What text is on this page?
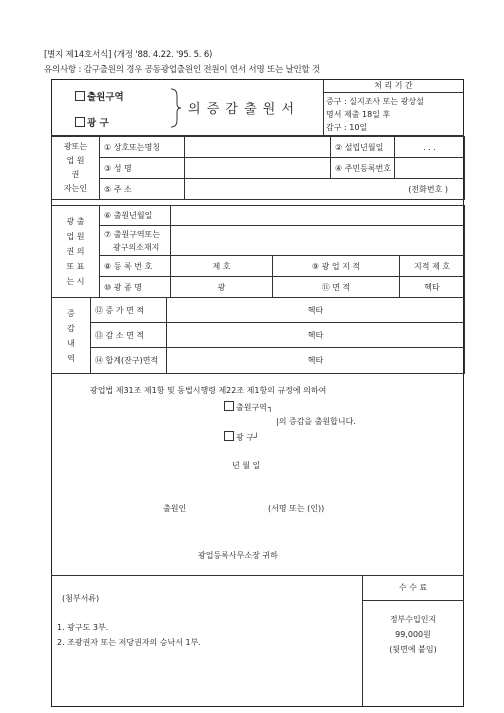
[별지 제14호서식] (개정 '88. 4.22. '95. 5. 6)
유의사항 : 감구출원의 경우 공동광업출원인 전원이 연서 서명 또는 날인할 것
출원구역
광 구
의 증 감 출 원 서
처 리 기 간
증구 : 실지조사 또는 광상설
명서 제출 18일 후
감구 : 10일
광또는
업 원
권
자는인	① 상호또는명칭		② 설립년월일	. . .
	③ 성 명		④ 주민등록번호	
	⑤ 주 소	(전화번호 )		
광 출
업 원
권 의
또 표
는 시	⑥ 출원년월일			

	⑦ 출원구역또는
광구의소재지			

	⑧ 등 록 번 호	제 호	⑨ 광 업 지 적	지적 제 호
	⑩ 광 종 명	광	⑪ 면 적	헥타
증
감
내
역	⑫ 증 가 면 적	헥타
	⑬ 감 소 면 적	헥타
	⑭ 합계(잔구)면적	헥타
광업법 제31조 제1항 및 동법시행령 제22조 제1항의 규정에 의하여
출원구역┐
|의 증감을 출원합니다.
광 구┘
년 월 일
출원인	(서명 또는 (인))
광업등록사무소장 귀하
(첨부서류)
1. 광구도 3부.
2. 조광권자 또는 저당권자의 승낙서 1부.
수 수 료
정부수입인지
99,000원
(뒷면에 붙임)
